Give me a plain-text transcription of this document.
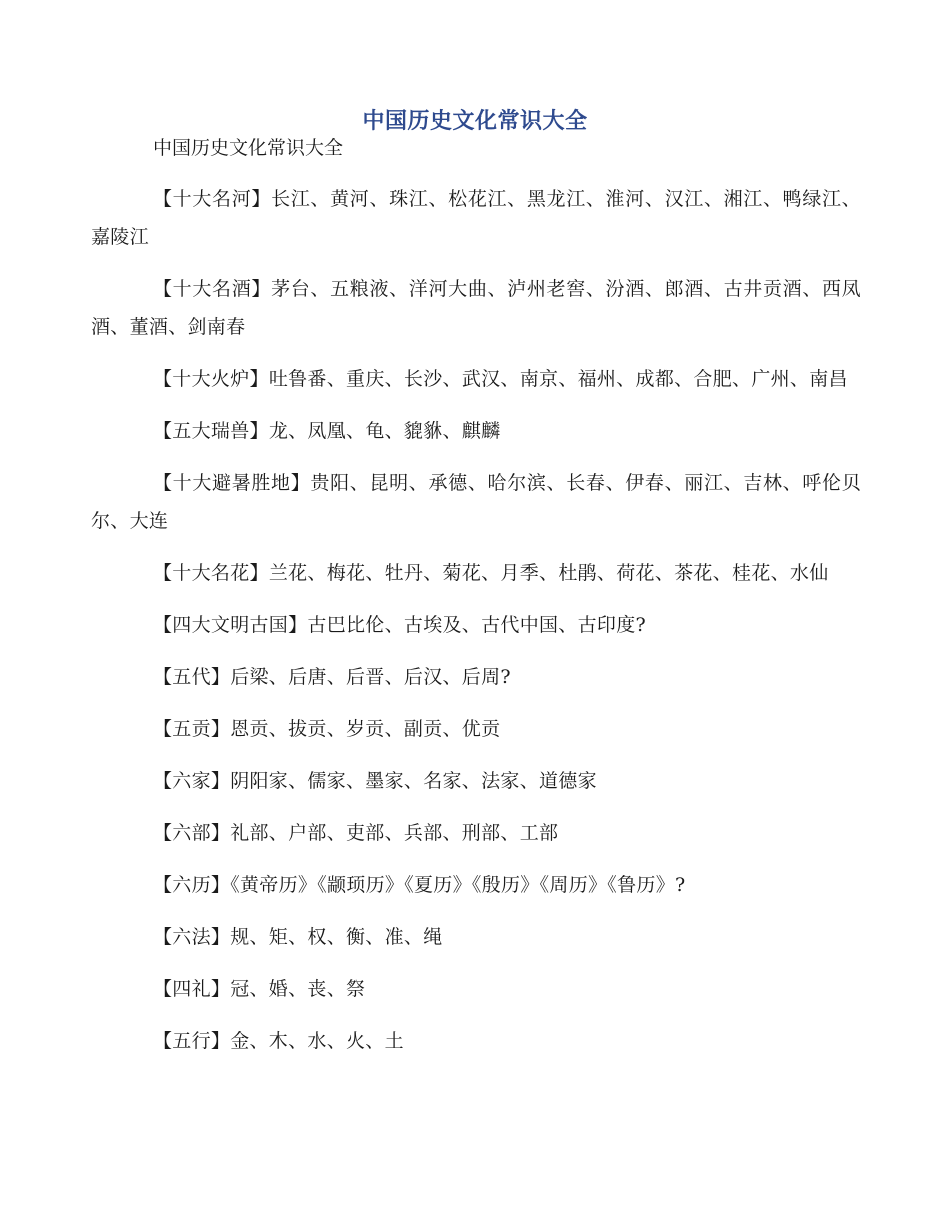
中国历史文化常识大全
中国历史文化常识大全

【十大名河】长江、黄河、珠江、松花江、黑龙江、淮河、汉江、湘江、鸭绿江、嘉陵江

【十大名酒】茅台、五粮液、洋河大曲、泸州老窖、汾酒、郎酒、古井贡酒、西凤酒、董酒、剑南春

【十大火炉】吐鲁番、重庆、长沙、武汉、南京、福州、成都、合肥、广州、南昌

【五大瑞兽】龙、凤凰、龟、貔貅、麒麟

【十大避暑胜地】贵阳、昆明、承德、哈尔滨、长春、伊春、丽江、吉林、呼伦贝尔、大连

【十大名花】兰花、梅花、牡丹、菊花、月季、杜鹃、荷花、茶花、桂花、水仙

【四大文明古国】古巴比伦、古埃及、古代中国、古印度?

【五代】后梁、后唐、后晋、后汉、后周?

【五贡】恩贡、拔贡、岁贡、副贡、优贡

【六家】阴阳家、儒家、墨家、名家、法家、道德家

【六部】礼部、户部、吏部、兵部、刑部、工部

【六历】《黄帝历》《颛顼历》《夏历》《殷历》《周历》《鲁历》?

【六法】规、矩、权、衡、准、绳

【四礼】冠、婚、丧、祭

【五行】金、木、水、火、土
